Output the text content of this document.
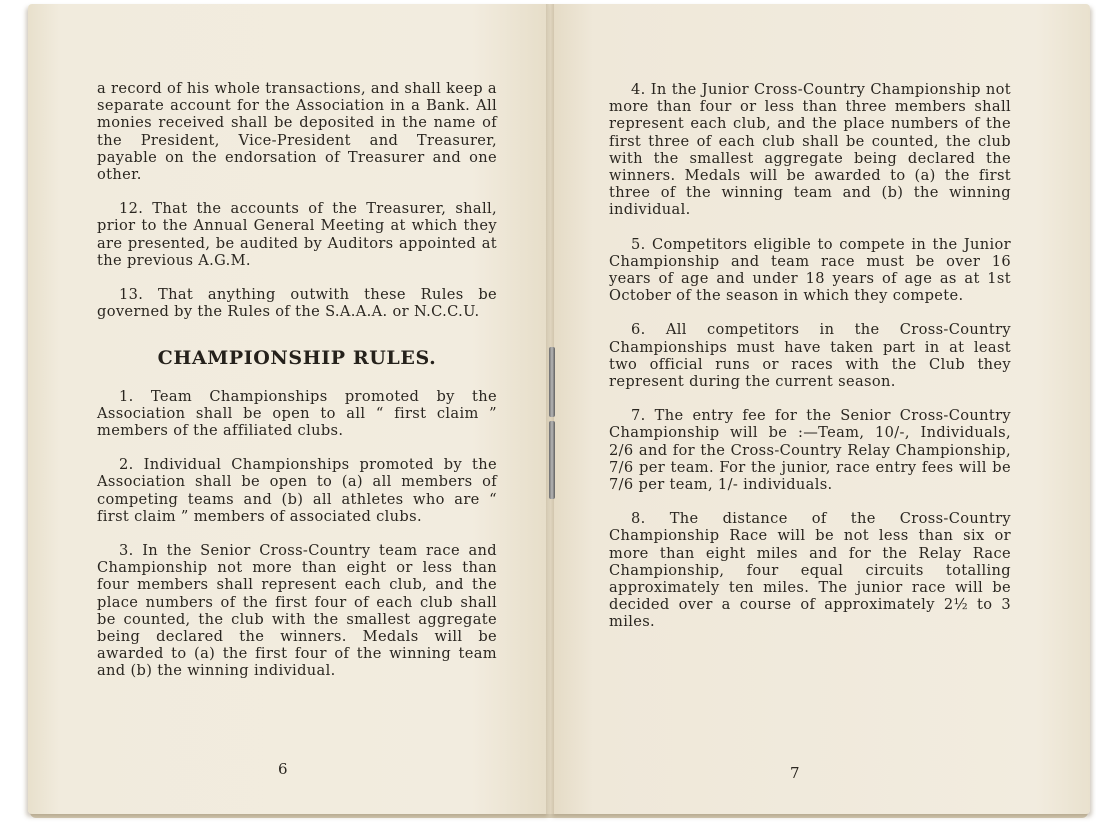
a record of his whole transactions, and shall keep a separate account for the Association in a Bank. All monies received shall be deposited in the name of the President, Vice-President and Treasurer, payable on the endorsation of Treasurer and one other.

12. That the accounts of the Treasurer, shall, prior to the Annual General Meeting at which they are presented, be audited by Auditors appointed at the previous A.G.M.

13. That anything outwith these Rules be governed by the Rules of the S.A.A.A. or N.C.C.U.

CHAMPIONSHIP RULES.

1. Team Championships promoted by the Association shall be open to all “ first claim ” members of the affiliated clubs.

2. Individual Championships promoted by the Association shall be open to (a) all members of competing teams and (b) all athletes who are “ first claim ” members of associated clubs.

3. In the Senior Cross-Country team race and Championship not more than eight or less than four members shall represent each club, and the place numbers of the first four of each club shall be counted, the club with the smallest aggregate being declared the winners. Medals will be awarded to (a) the first four of the winning team and (b) the winning individual.

6

4. In the Junior Cross-Country Championship not more than four or less than three members shall represent each club, and the place numbers of the first three of each club shall be counted, the club with the smallest aggregate being declared the winners. Medals will be awarded to (a) the first three of the winning team and (b) the winning individual.

5. Competitors eligible to compete in the Junior Championship and team race must be over 16 years of age and under 18 years of age as at 1st October of the season in which they compete.

6. All competitors in the Cross-Country Championships must have taken part in at least two official runs or races with the Club they represent during the current season.

7. The entry fee for the Senior Cross-Country Championship will be :—Team, 10/-, Individuals, 2/6 and for the Cross-Country Relay Championship, 7/6 per team. For the junior, race entry fees will be 7/6 per team, 1/- individuals.

8. The distance of the Cross-Country Championship Race will be not less than six or more than eight miles and for the Relay Race Championship, four equal circuits totalling approximately ten miles. The junior race will be decided over a course of approximately 2½ to 3 miles.

7
